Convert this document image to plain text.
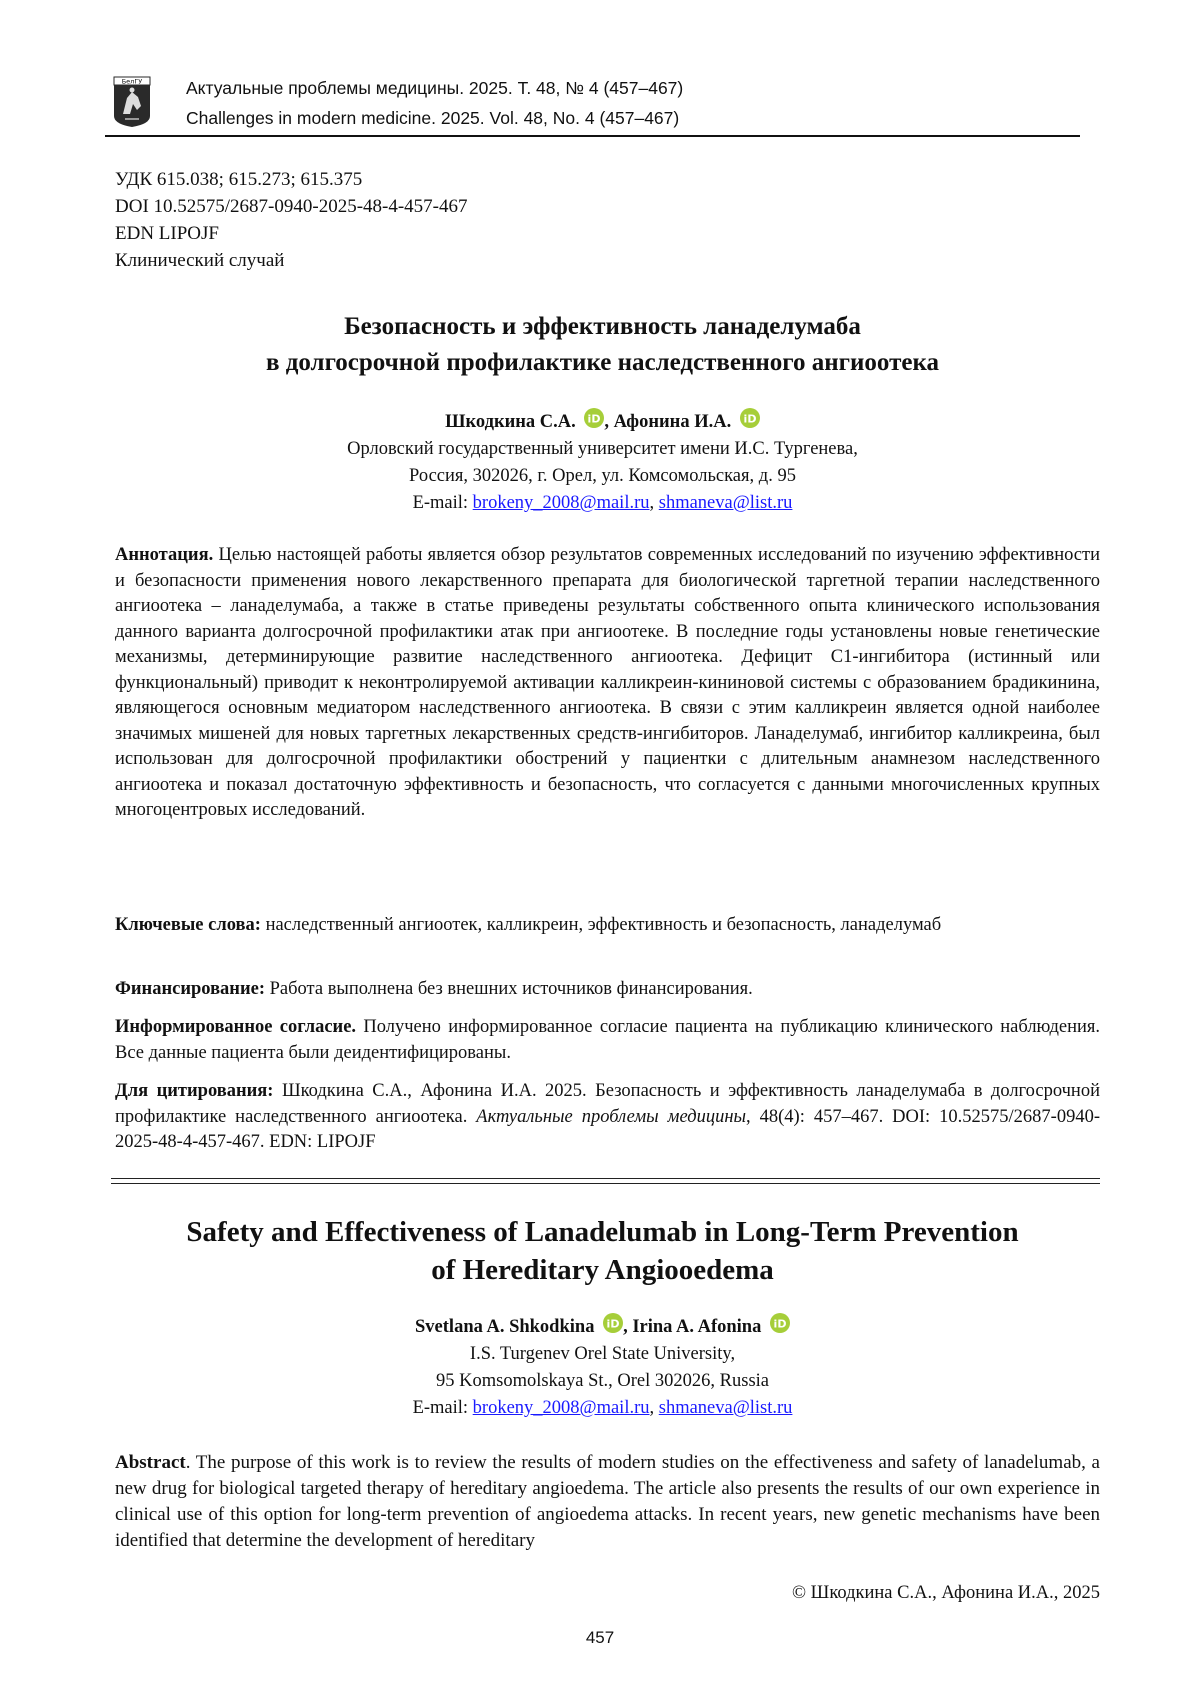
БелГУ Актуальные проблемы медицины. 2025. Т. 48, № 4 (457–467)
Challenges in modern medicine. 2025. Vol. 48, No. 4 (457–467)
УДК 615.038; 615.273; 615.375
DOI 10.52575/2687-0940-2025-48-4-457-467
EDN LIPOJF
Клинический случай
Безопасность и эффективность ланаделумаба
в долгосрочной профилактике наследственного ангиоотека
Шкодкина С.А. iD , Афонина И.А. iD
Орловский государственный университет имени И.С. Тургенева,
Россия, 302026, г. Орел, ул. Комсомольская, д. 95
E-mail: brokeny_2008@mail.ru, shmaneva@list.ru
Аннотация. Целью настоящей работы является обзор результатов современных исследований по изучению эффективности и безопасности применения нового лекарственного препарата для биологической таргетной терапии наследственного ангиоотека – ланаделумаба, а также в статье приведены результаты собственного опыта клинического использования данного варианта долгосрочной профилактики атак при ангиоотеке. В последние годы установлены новые генетические механизмы, детерминирующие развитие наследственного ангиоотека. Дефицит С1-ингибитора (истинный или функциональный) приводит к неконтролируемой активации калликреин-кининовой системы с образованием брадикинина, являющегося основным медиатором наследственного ангиоотека. В связи с этим калликреин является одной наиболее значимых мишеней для новых таргетных лекарственных средств-ингибиторов. Ланаделумаб, ингибитор калликреина, был использован для долгосрочной профилактики обострений у пациентки с длительным анамнезом наследственного ангиоотека и показал достаточную эффективность и безопасность, что согласуется с данными многочисленных крупных многоцентровых исследований.
Ключевые слова: наследственный ангиоотек, калликреин, эффективность и безопасность, ланаделумаб
Финансирование: Работа выполнена без внешних источников финансирования.
Информированное согласие. Получено информированное согласие пациента на публикацию клинического наблюдения. Все данные пациента были деидентифицированы.
Для цитирования: Шкодкина С.А., Афонина И.А. 2025. Безопасность и эффективность ланаделумаба в долгосрочной профилактике наследственного ангиоотека. Актуальные проблемы медицины, 48(4): 457–467. DOI: 10.52575/2687-0940-2025-48-4-457-467. EDN: LIPOJF
Safety and Effectiveness of Lanadelumab in Long-Term Prevention
of Hereditary Angiooedema
Svetlana A. Shkodkina iD , Irina A. Afonina iD
I.S. Turgenev Orel State University,
95 Komsomolskaya St., Orel 302026, Russia
E-mail: brokeny_2008@mail.ru, shmaneva@list.ru
Abstract. The purpose of this work is to review the results of modern studies on the effectiveness and safety of lanadelumab, a new drug for biological targeted therapy of hereditary angioedema. The article also presents the results of our own experience in clinical use of this option for long-term prevention of angioedema attacks. In recent years, new genetic mechanisms have been identified that determine the development of hereditary
© Шкодкина С.А., Афонина И.А., 2025
457
